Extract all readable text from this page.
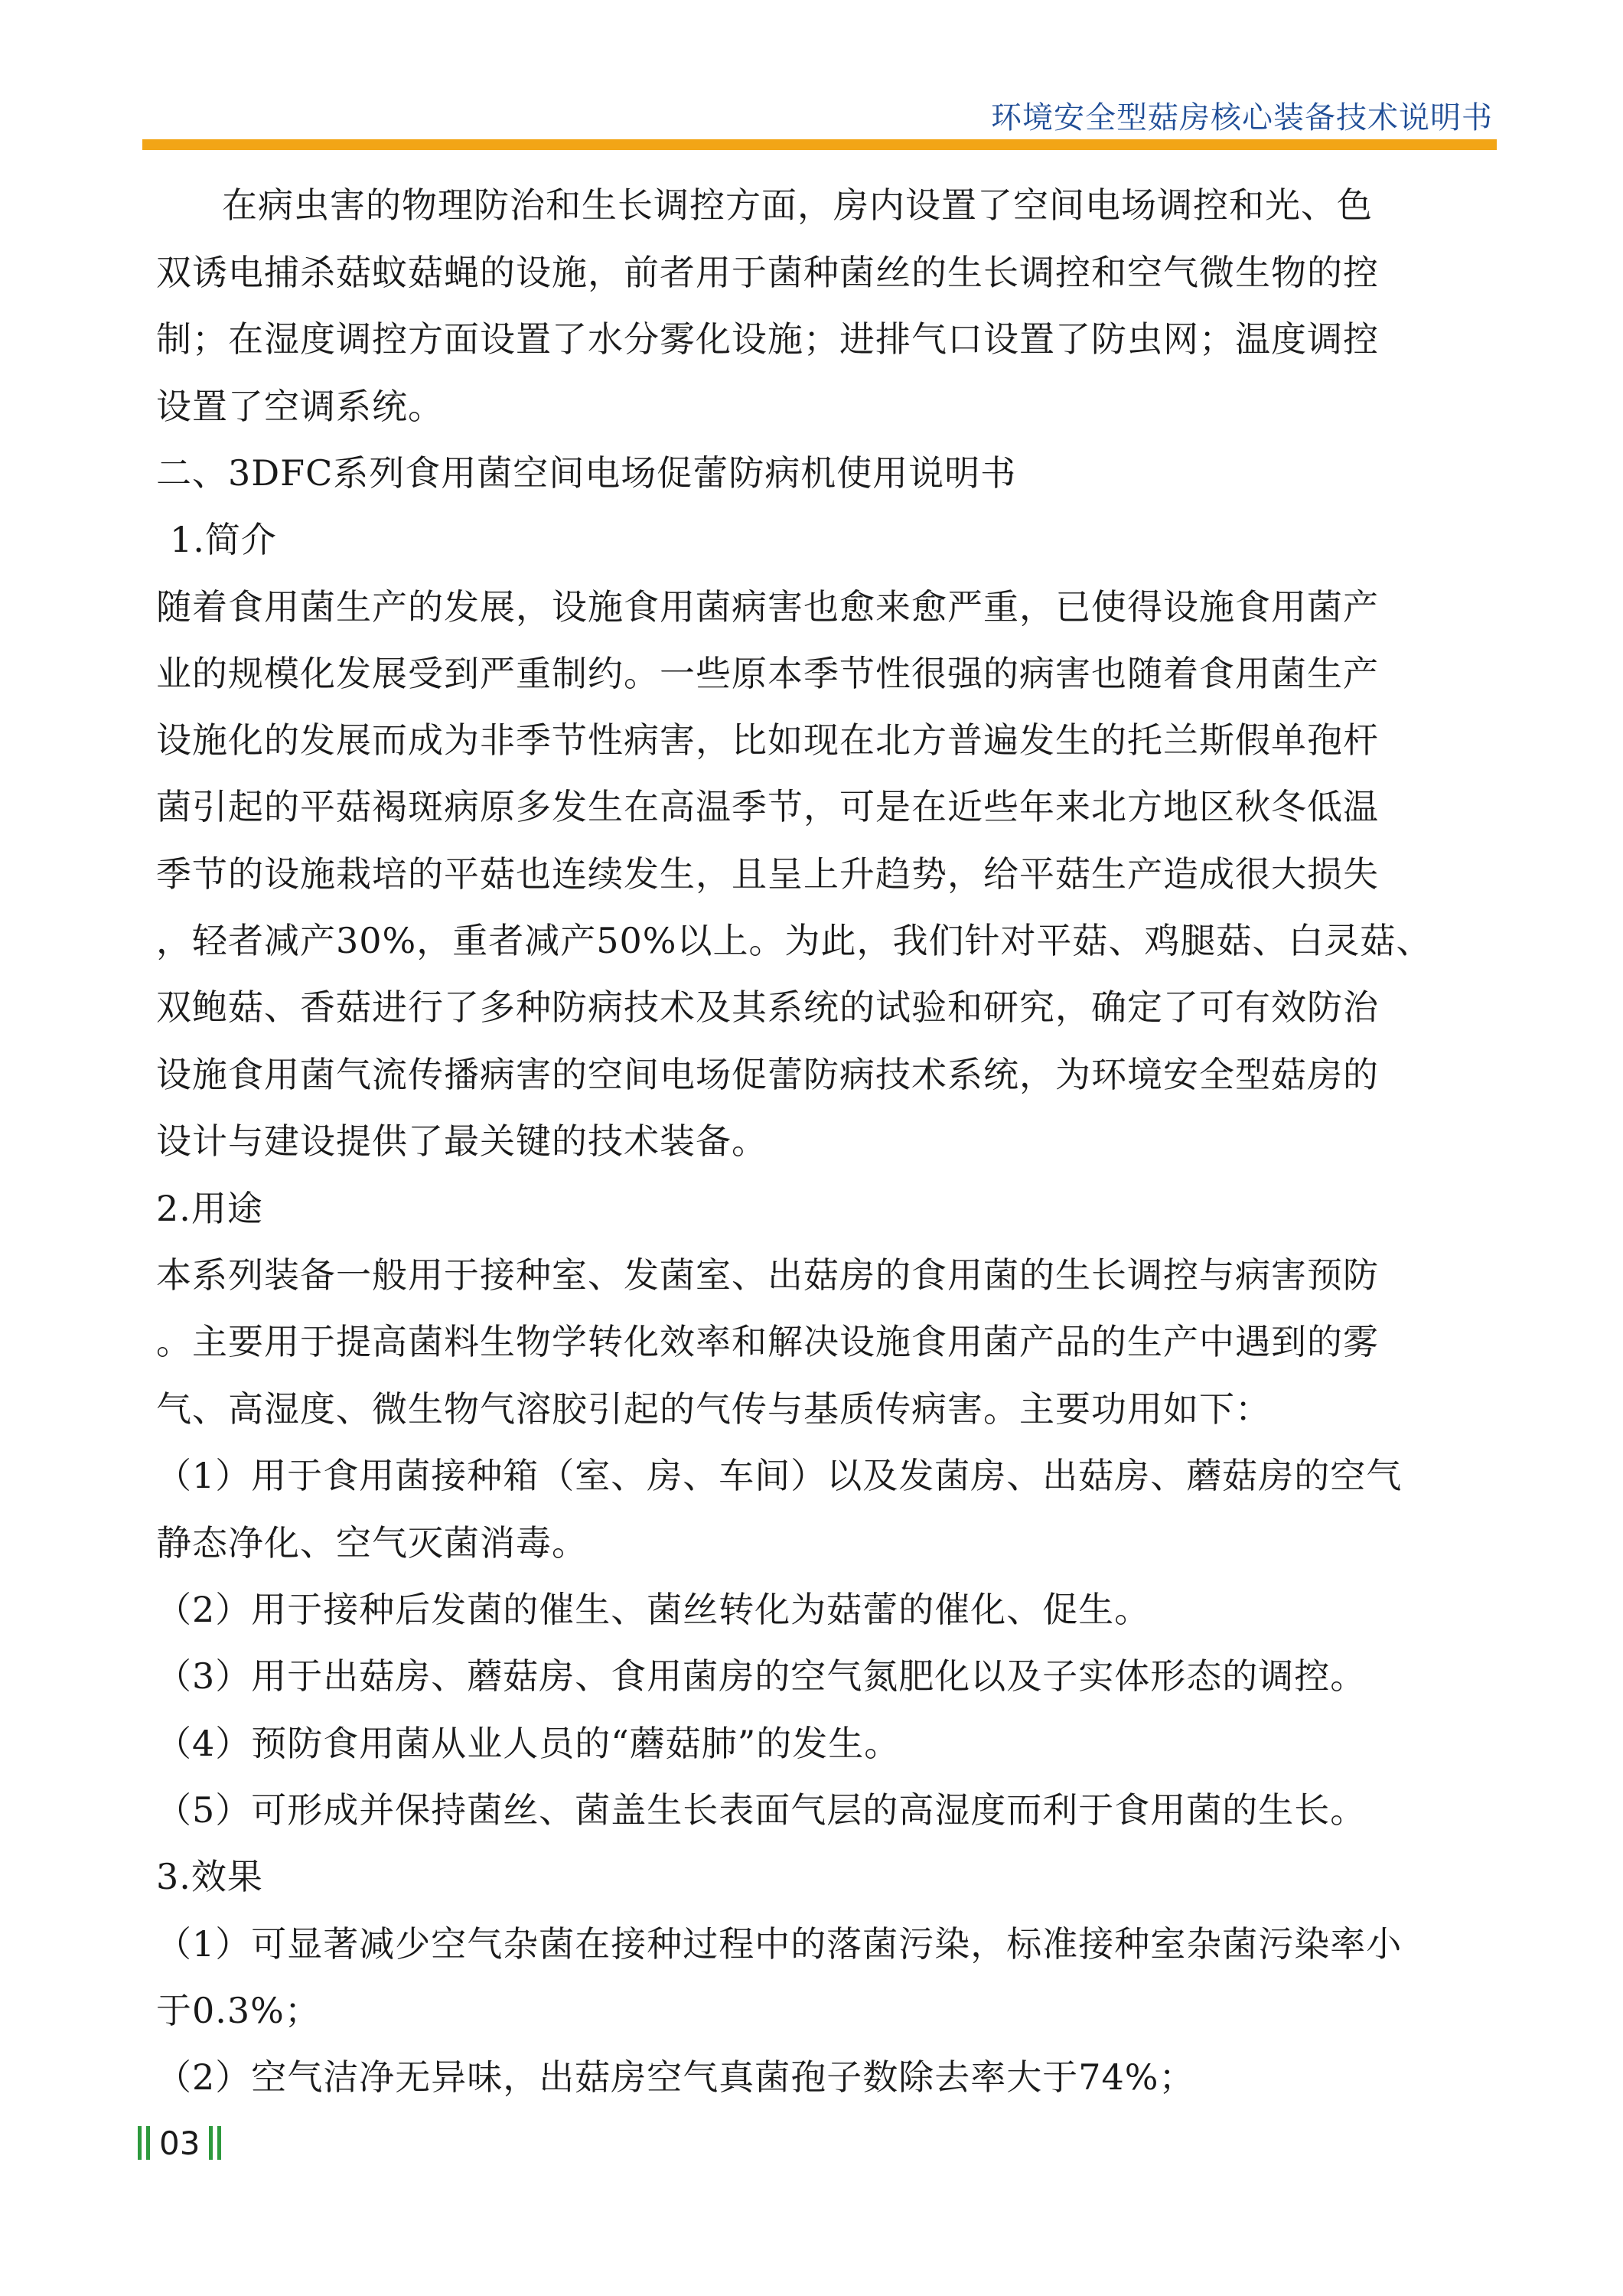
环境安全型菇房核心装备技术说明书
在病虫害的物理防治和生长调控方面，房内设置了空间电场调控和光、色
双诱电捕杀菇蚊菇蝇的设施，前者用于菌种菌丝的生长调控和空气微生物的控
制；在湿度调控方面设置了水分雾化设施；进排气口设置了防虫网；温度调控
设置了空调系统。
二、3DFC系列食用菌空间电场促蕾防病机使用说明书
1.简介
随着食用菌生产的发展，设施食用菌病害也愈来愈严重，已使得设施食用菌产
业的规模化发展受到严重制约。一些原本季节性很强的病害也随着食用菌生产
设施化的发展而成为非季节性病害，比如现在北方普遍发生的托兰斯假单孢杆
菌引起的平菇褐斑病原多发生在高温季节，可是在近些年来北方地区秋冬低温
季节的设施栽培的平菇也连续发生，且呈上升趋势，给平菇生产造成很大损失
，轻者减产30%，重者减产50%以上。为此，我们针对平菇、鸡腿菇、白灵菇、
双鲍菇、香菇进行了多种防病技术及其系统的试验和研究，确定了可有效防治
设施食用菌气流传播病害的空间电场促蕾防病技术系统，为环境安全型菇房的
设计与建设提供了最关键的技术装备。
2.用途
本系列装备一般用于接种室、发菌室、出菇房的食用菌的生长调控与病害预防
。主要用于提高菌料生物学转化效率和解决设施食用菌产品的生产中遇到的雾
气、高湿度、微生物气溶胶引起的气传与基质传病害。主要功用如下：
（1）用于食用菌接种箱（室、房、车间）以及发菌房、出菇房、蘑菇房的空气
静态净化、空气灭菌消毒。
（2）用于接种后发菌的催生、菌丝转化为菇蕾的催化、促生。
（3）用于出菇房、蘑菇房、食用菌房的空气氮肥化以及子实体形态的调控。
（4）预防食用菌从业人员的“蘑菇肺”的发生。
（5）可形成并保持菌丝、菌盖生长表面气层的高湿度而利于食用菌的生长。
3.效果
（1）可显著减少空气杂菌在接种过程中的落菌污染，标准接种室杂菌污染率小
于0.3%；
（2）空气洁净无异味，出菇房空气真菌孢子数除去率大于74%；
03
